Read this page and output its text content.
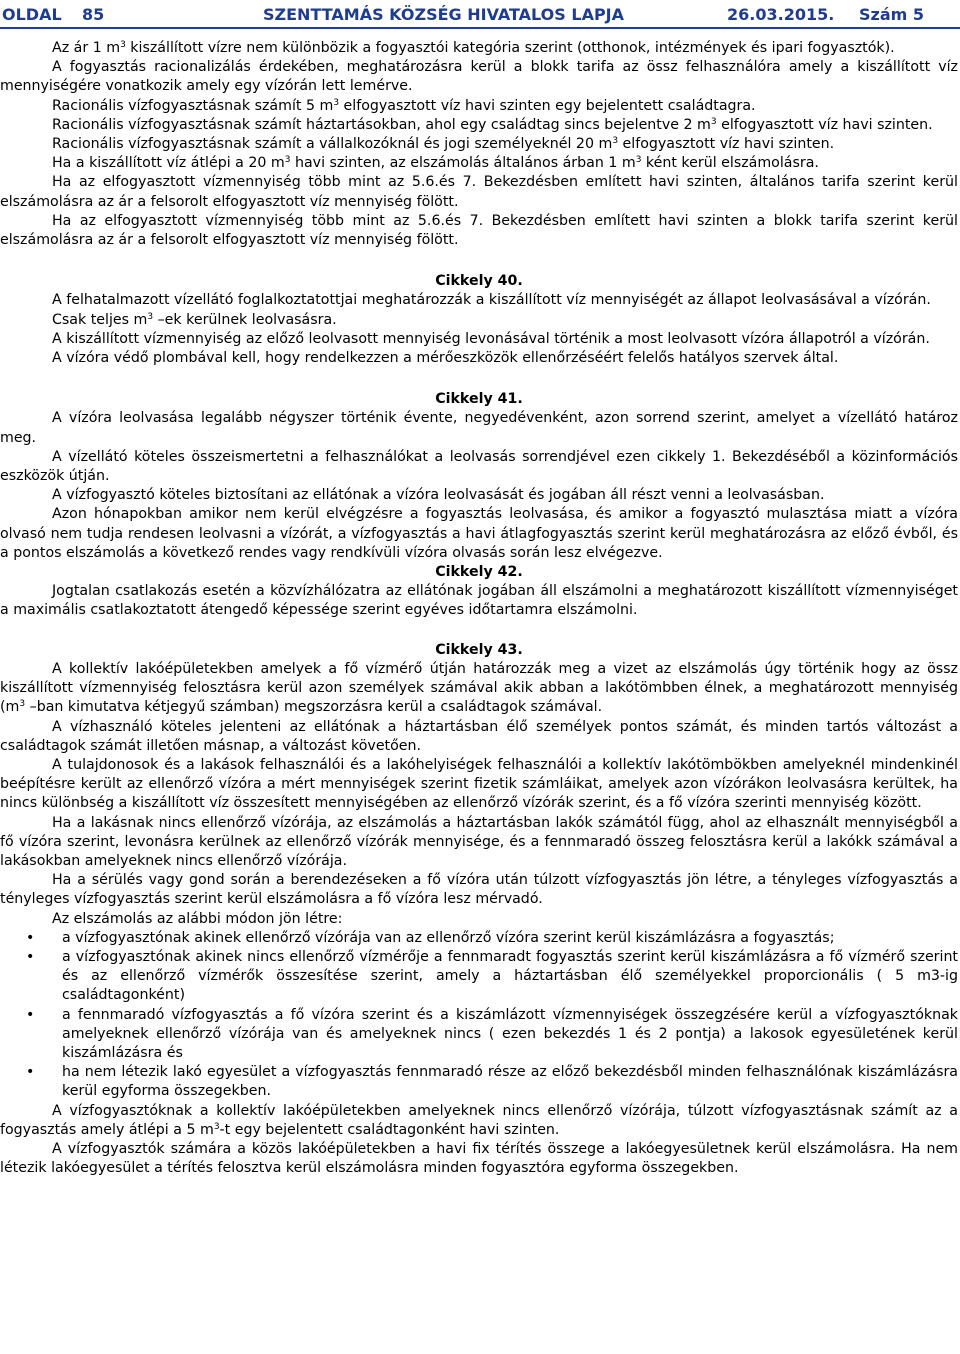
OLDAL 85	SZENTTAMÁS KÖZSÉG HIVATALOS LAPJA	26.03.2015. Szám 5

Az ár 1 $m^3$ kiszállított vízre nem különbözik a fogyasztói kategória szerint (otthonok, intézmények és ipari fogyasztók).

A fogyasztás racionalizálás érdekében, meghatározásra kerül a blokk tarifa az össz felhasználóra amely a kiszállított víz mennyiségére vonatkozik amely egy vízórán lett lemérve.

Racionális vízfogyasztásnak számít 5 $m^3$ elfogyasztott víz havi szinten egy bejelentett családtagra.

Racionális vízfogyasztásnak számít háztartásokban, ahol egy családtag sincs bejelentve 2 $m^3$ elfogyasztott víz havi szinten.

Racionális vízfogyasztásnak számít a vállalkozóknál és jogi személyeknél 20 $m^3$ elfogyasztott víz havi szinten.

Ha a kiszállított víz átlépi a 20 $m^3$ havi szinten, az elszámolás általános árban 1 $m^3$ ként kerül elszámolásra.

Ha az elfogyasztott vízmennyiség több mint az 5.6.és 7. Bekezdésben említett havi szinten, általános tarifa szerint kerül elszámolásra az ár a felsorolt elfogyasztott víz mennyiség fölött.

Ha az elfogyasztott vízmennyiség több mint az 5.6.és 7. Bekezdésben említett havi szinten a blokk tarifa szerint kerül elszámolásra az ár a felsorolt elfogyasztott víz mennyiség fölött.

Cikkely 40.

A felhatalmazott vízellátó foglalkoztatottjai meghatározzák a kiszállított víz mennyiségét az állapot leolvasásával a vízórán.

Csak teljes $m^3$ –ek kerülnek leolvasásra.

A kiszállított vízmennyiség az előző leolvasott mennyiség levonásával történik a most leolvasott vízóra állapotról a vízórán.

A vízóra védő plombával kell, hogy rendelkezzen a mérőeszközök ellenőrzéséért felelős hatályos szervek által.

Cikkely 41.

A vízóra leolvasása legalább négyszer történik évente, negyedévenként, azon sorrend szerint, amelyet a vízellátó határoz meg.

A vízellátó köteles összeismertetni a felhasználókat a leolvasás sorrendjével ezen cikkely 1. Bekezdéséből a közinformációs eszközök útján.

A vízfogyasztó köteles biztosítani az ellátónak a vízóra leolvasását és jogában áll részt venni a leolvasásban.

Azon hónapokban amikor nem kerül elvégzésre a fogyasztás leolvasása, és amikor a fogyasztó mulasztása miatt a vízóra olvasó nem tudja rendesen leolvasni a vízórát, a vízfogyasztás a havi átlagfogyasztás szerint kerül meghatározásra az előző évből, és a pontos elszámolás a következő rendes vagy rendkívüli vízóra olvasás során lesz elvégezve.

Cikkely 42.

Jogtalan csatlakozás esetén a közvízhálózatra az ellátónak jogában áll elszámolni a meghatározott kiszállított vízmennyiséget a maximális csatlakoztatott átengedő képessége szerint egyéves időtartamra elszámolni.

Cikkely 43.

A kollektív lakóépületekben amelyek a fő vízmérő útján határozzák meg a vizet az elszámolás úgy történik hogy az össz kiszállított vízmennyiség felosztásra kerül azon személyek számával akik abban a lakótömbben élnek, a meghatározott mennyiség ($m^3$ –ban kimutatva kétjegyű számban) megszorzásra kerül a családtagok számával.

A vízhasználó köteles jelenteni az ellátónak a háztartásban élő személyek pontos számát, és minden tartós változást a családtagok számát illetően másnap, a változást követően.

A tulajdonosok és a lakások felhasználói és a lakóhelyiségek felhasználói a kollektív lakótömbökben amelyeknél mindenkinél beépítésre került az ellenőrző vízóra a mért mennyiségek szerint fizetik számláikat, amelyek azon vízórákon leolvasásra kerültek, ha nincs különbség a kiszállított víz összesített mennyiségében az ellenőrző vízórák szerint, és a fő vízóra szerinti mennyiség között.

Ha a lakásnak nincs ellenőrző vízórája, az elszámolás a háztartásban lakók számától függ, ahol az elhasznált mennyiségből a fő vízóra szerint, levonásra kerülnek az ellenőrző vízórák mennyisége, és a fennmaradó összeg felosztásra kerül a lakókk számával a lakásokban amelyeknek nincs ellenőrző vízórája.

Ha a sérülés vagy gond során a berendezéseken a fő vízóra után túlzott vízfogyasztás jön létre, a tényleges vízfogyasztás a tényleges vízfogyasztás szerint kerül elszámolásra a fő vízóra lesz mérvadó.

Az elszámolás az alábbi módon jön létre:

• a vízfogyasztónak akinek ellenőrző vízórája van az ellenőrző vízóra szerint kerül kiszámlázásra a fogyasztás;
• a vízfogyasztónak akinek nincs ellenőrző vízmérője a fennmaradt fogyasztás szerint kerül kiszámlázásra a fő vízmérő szerint és az ellenőrző vízmérők összesítése szerint, amely a háztartásban élő személyekkel proporcionális ( 5 m3-ig családtagonként)
• a fennmaradó vízfogyasztás a fő vízóra szerint és a kiszámlázott vízmennyiségek összegzésére kerül a vízfogyasztóknak amelyeknek ellenőrző vízórája van és amelyeknek nincs ( ezen bekezdés 1 és 2 pontja) a lakosok egyesületének kerül kiszámlázásra és
• ha nem létezik lakó egyesület a vízfogyasztás fennmaradó része az előző bekezdésből minden felhasználónak kiszámlázásra kerül egyforma összegekben.

A vízfogyasztóknak a kollektív lakóépületekben amelyeknek nincs ellenőrző vízórája, túlzott vízfogyasztásnak számít az a fogyasztás amely átlépi a 5 $m^3-t$ egy bejelentett családtagonként havi szinten.

A vízfogyasztók számára a közös lakóépületekben a havi fix térítés összege a lakóegyesületnek kerül elszámolásra. Ha nem létezik lakóegyesület a térítés felosztva kerül elszámolásra minden fogyasztóra egyforma összegekben.
